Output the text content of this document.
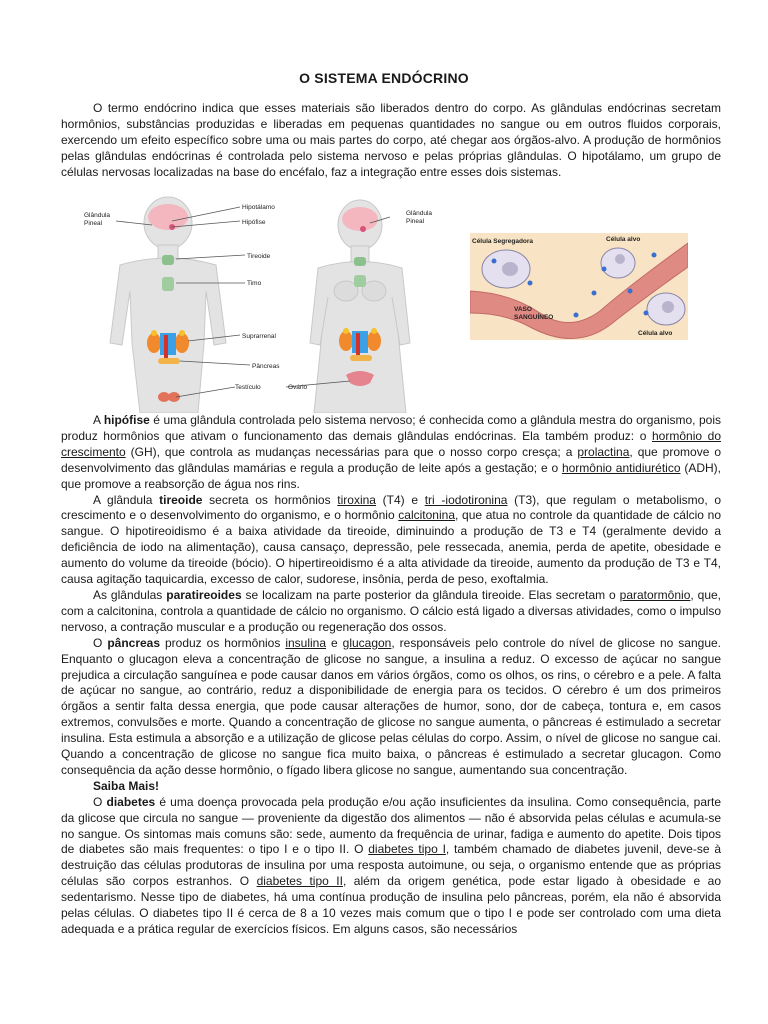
O SISTEMA ENDÓCRINO

O termo endócrino indica que esses materiais são liberados dentro do corpo. As glândulas endócrinas secretam hormônios, substâncias produzidas e liberadas em pequenas quantidades no sangue ou em outros fluidos corporais, exercendo um efeito específico sobre uma ou mais partes do corpo, até chegar aos órgãos-alvo. A produção de hormônios pelas glândulas endócrinas é controlada pelo sistema nervoso e pelas próprias glândulas. O hipotálamo, um grupo de células nervosas localizadas na base do encéfalo, faz a integração entre esses dois sistemas.

Glândula
Pineal
Hipotálamo
Hipófise
Tireoide
Timo
Suprarrenal
Pâncreas
Testículo	Ovário
Glândula
Pineal
Célula Segregadora	Célula alvo
Célula alvo
VASO
SANGUÍNEO

A hipófise é uma glândula controlada pelo sistema nervoso; é conhecida como a glândula mestra do organismo, pois produz hormônios que ativam o funcionamento das demais glândulas endócrinas. Ela também produz: o hormônio do crescimento (GH), que controla as mudanças necessárias para que o nosso corpo cresça; a prolactina, que promove o desenvolvimento das glândulas mamárias e regula a produção de leite após a gestação; e o hormônio antidiurético (ADH), que promove a reabsorção de água nos rins.

A glândula tireoide secreta os hormônios tiroxina (T4) e tri -iodotironina (T3), que regulam o metabolismo, o crescimento e o desenvolvimento do organismo, e o hormônio calcitonina, que atua no controle da quantidade de cálcio no sangue. O hipotireoidismo é a baixa atividade da tireoide, diminuindo a produção de T3 e T4 (geralmente devido a deficiência de iodo na alimentação), causa cansaço, depressão, pele ressecada, anemia, perda de apetite, obesidade e aumento do volume da tireoide (bócio). O hipertireoidismo é a alta atividade da tireoide, aumento da produção de T3 e T4, causa agitação taquicardia, excesso de calor, sudorese, insônia, perda de peso, exoftalmia.

As glândulas paratireoides se localizam na parte posterior da glândula tireoide. Elas secretam o paratormônio, que, com a calcitonina, controla a quantidade de cálcio no organismo. O cálcio está ligado a diversas atividades, como o impulso nervoso, a contração muscular e a produção ou regeneração dos ossos.

O pâncreas produz os hormônios insulina e glucagon, responsáveis pelo controle do nível de glicose no sangue. Enquanto o glucagon eleva a concentração de glicose no sangue, a insulina a reduz. O excesso de açúcar no sangue prejudica a circulação sanguínea e pode causar danos em vários órgãos, como os olhos, os rins, o cérebro e a pele. A falta de açúcar no sangue, ao contrário, reduz a disponibilidade de energia para os tecidos. O cérebro é um dos primeiros órgãos a sentir falta dessa energia, que pode causar alterações de humor, sono, dor de cabeça, tontura e, em casos extremos, convulsões e morte. Quando a concentração de glicose no sangue aumenta, o pâncreas é estimulado a secretar insulina. Esta estimula a absorção e a utilização de glicose pelas células do corpo. Assim, o nível de glicose no sangue cai. Quando a concentração de glicose no sangue fica muito baixa, o pâncreas é estimulado a secretar glucagon. Como consequência da ação desse hormônio, o fígado libera glicose no sangue, aumentando sua concentração.

Saiba Mais!

O diabetes é uma doença provocada pela produção e/ou ação insuficientes da insulina. Como consequência, parte da glicose que circula no sangue — proveniente da digestão dos alimentos — não é absorvida pelas células e acumula-se no sangue. Os sintomas mais comuns são: sede, aumento da frequência de urinar, fadiga e aumento do apetite. Dois tipos de diabetes são mais frequentes: o tipo I e o tipo II. O diabetes tipo I, também chamado de diabetes juvenil, deve-se à destruição das células produtoras de insulina por uma resposta autoimune, ou seja, o organismo entende que as próprias células são corpos estranhos. O diabetes tipo II, além da origem genética, pode estar ligado à obesidade e ao sedentarismo. Nesse tipo de diabetes, há uma contínua produção de insulina pelo pâncreas, porém, ela não é absorvida pelas células. O diabetes tipo II é cerca de 8 a 10 vezes mais comum que o tipo I e pode ser controlado com uma dieta adequada e a prática regular de exercícios físicos. Em alguns casos, são necessários
